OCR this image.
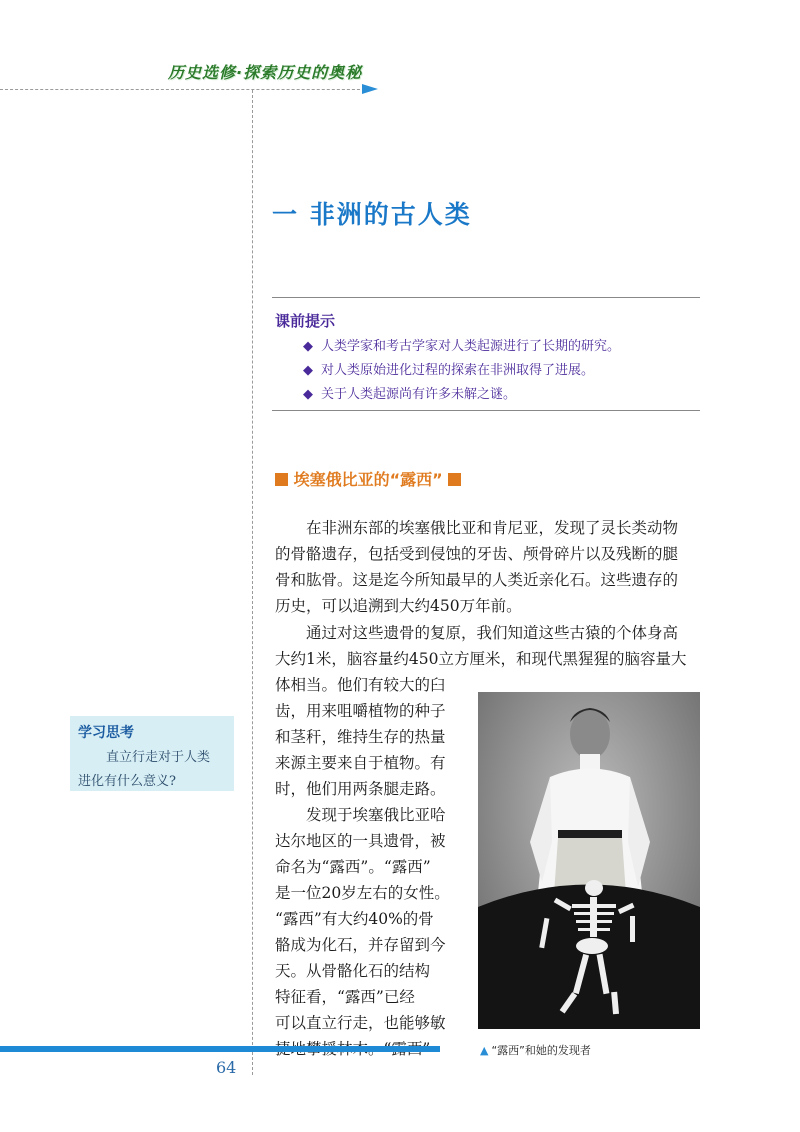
历史选修·探索历史的奥秘
一 非洲的古人类
课前提示
◆ 人类学家和考古学家对人类起源进行了长期的研究。
◆ 对人类原始进化过程的探索在非洲取得了进展。
◆ 关于人类起源尚有许多未解之谜。
埃塞俄比亚的“露西”
在非洲东部的埃塞俄比亚和肯尼亚，发现了灵长类动物
的骨骼遗存，包括受到侵蚀的牙齿、颅骨碎片以及残断的腿
骨和肱骨。这是迄今所知最早的人类近亲化石。这些遗存的
历史，可以追溯到大约450万年前。
通过对这些遗骨的复原，我们知道这些古猿的个体身高
大约1米，脑容量约450立方厘米，和现代黑猩猩的脑容量大
体相当。他们有较大的臼
齿，用来咀嚼植物的种子
和茎秆，维持生存的热量
来源主要来自于植物。有
时，他们用两条腿走路。
发现于埃塞俄比亚哈
达尔地区的一具遗骨，被
命名为“露西”。“露西”
是一位20岁左右的女性。
“露西”有大约40%的骨
骼成为化石，并存留到今
天。从骨骼化石的结构
特征看，“露西”已经
可以直立行走，也能够敏
学习思考
直立行走对于人类
进化有什么意义?
▲ “露西”和她的发现者
64
